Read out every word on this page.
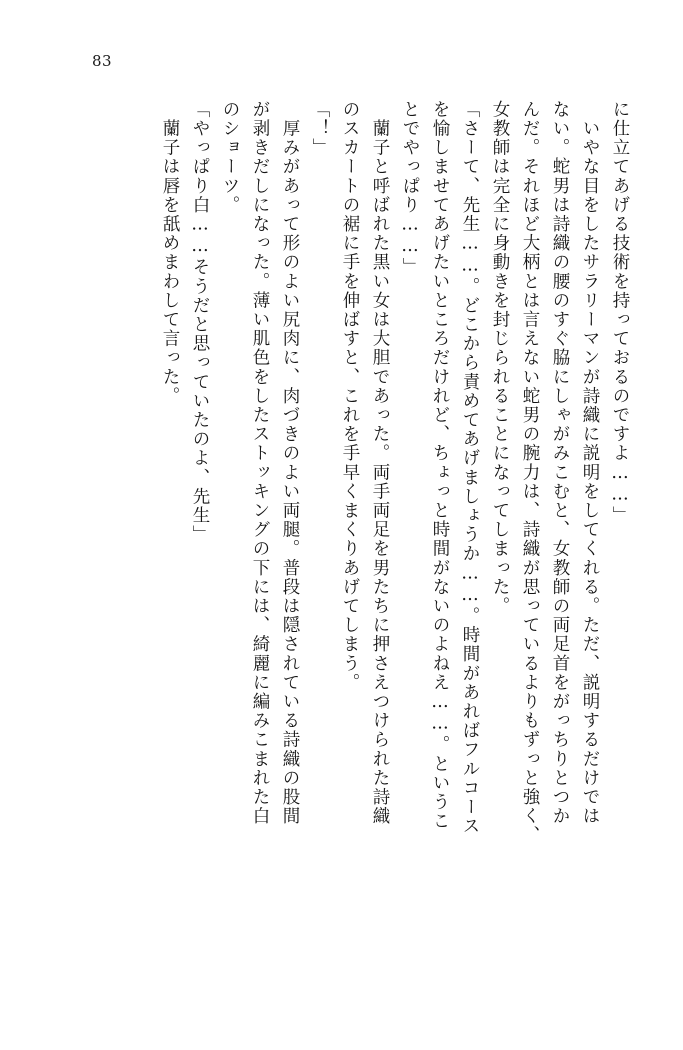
83
に仕立てあげる技術を持っておるのですよ……」
　いやな目をしたサラリーマンが詩織に説明をしてくれる。ただ、説明するだけでは
ない。蛇男は詩織の腰のすぐ脇にしゃがみこむと、女教師の両足首をがっちりとつか
んだ。それほど大柄とは言えない蛇男の腕力は、詩織が思っているよりもずっと強く、
女教師は完全に身動きを封じられることになってしまった。
「さーて、先生……。どこから責めてあげましょうか……。時間があればフルコース
を愉しませてあげたいところだけれど、ちょっと時間がないのよねえ……。というこ
とでやっぱり……」
　蘭子と呼ばれた黒い女は大胆であった。両手両足を男たちに押さえつけられた詩織
のスカートの裾に手を伸ばすと、これを手早くまくりあげてしまう。
「！」
　厚みがあって形のよい尻肉に、肉づきのよい両腿。普段は隠されている詩織の股間
が剥きだしになった。薄い肌色をしたストッキングの下には、綺麗に編みこまれた白
のショーツ。
「やっぱり白……そうだと思っていたのよ、先生」
　蘭子は唇を舐めまわして言った。
